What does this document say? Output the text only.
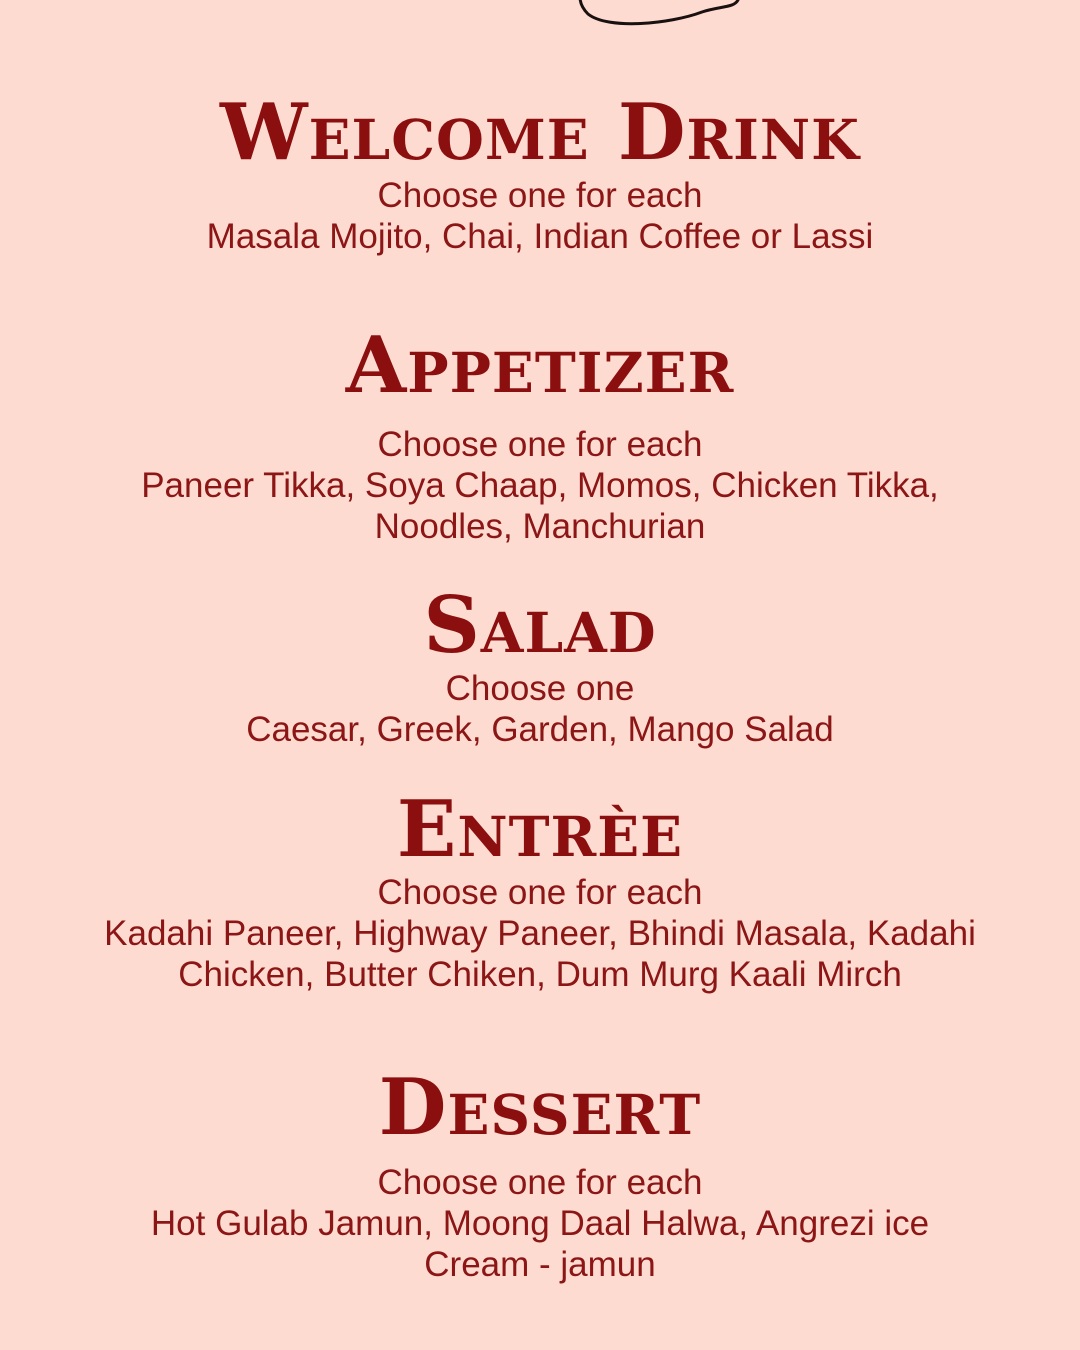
Welcome Drink

Choose one for each

Masala Mojito, Chai, Indian Coffee or Lassi

Appetizer

Choose one for each

Paneer Tikka, Soya Chaap, Momos, Chicken Tikka, Noodles, Manchurian

Salad

Choose one

Caesar, Greek, Garden, Mango Salad

Entrèe

Choose one for each

Kadahi Paneer, Highway Paneer, Bhindi Masala, Kadahi Chicken, Butter Chiken, Dum Murg Kaali Mirch

Dessert

Choose one for each

Hot Gulab Jamun, Moong Daal Halwa, Angrezi ice Cream - jamun
